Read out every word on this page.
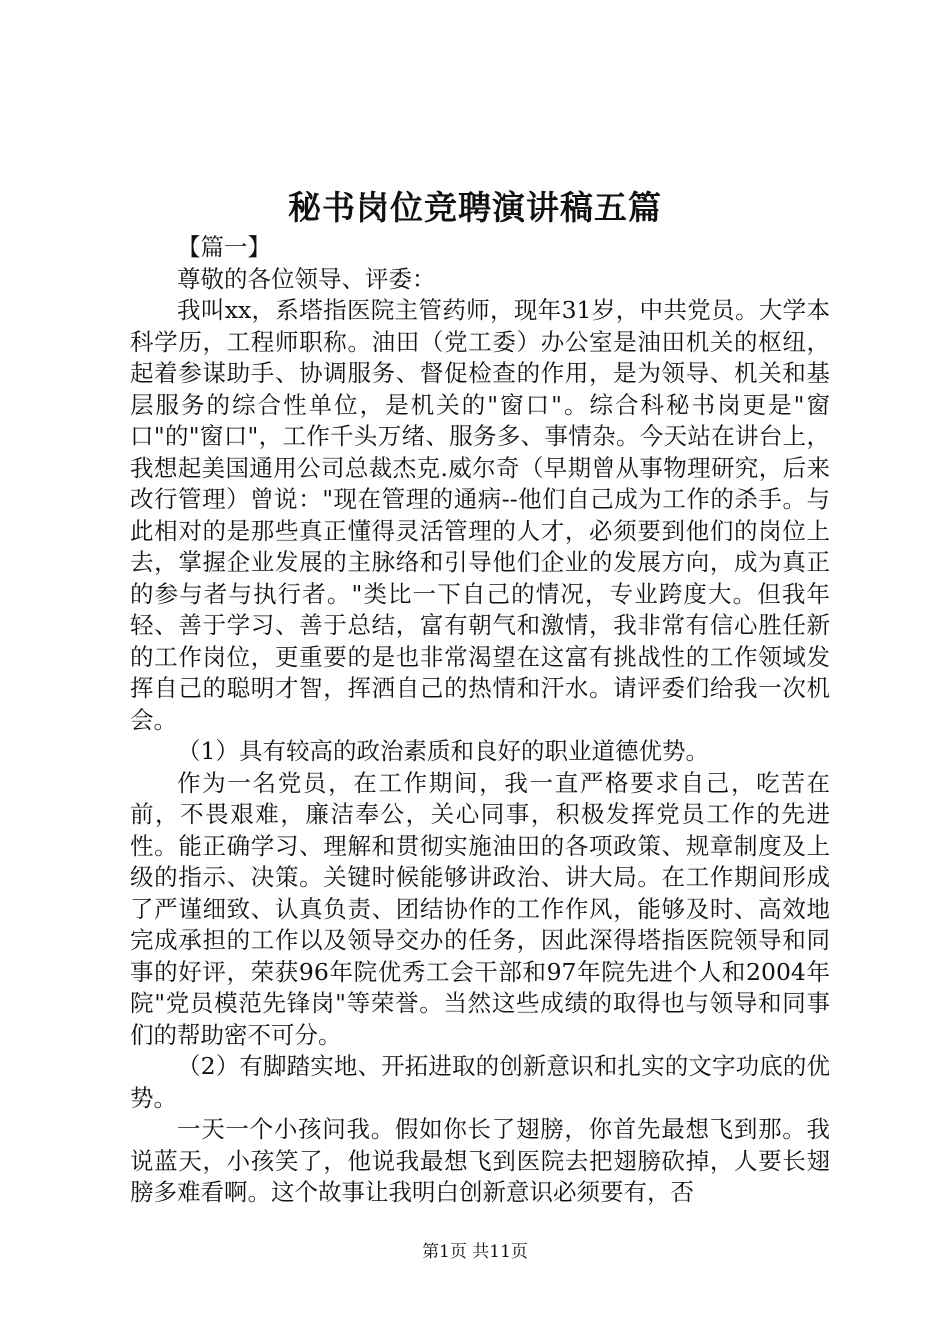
秘书岗位竞聘演讲稿五篇

【篇一】

尊敬的各位领导、评委：

我叫xx，系塔指医院主管药师，现年31岁，中共党员。大学本科学历，工程师职称。油田（党工委）办公室是油田机关的枢纽，起着参谋助手、协调服务、督促检查的作用，是为领导、机关和基层服务的综合性单位，是机关的"窗口"。综合科秘书岗更是"窗口"的"窗口"，工作千头万绪、服务多、事情杂。今天站在讲台上，我想起美国通用公司总裁杰克.威尔奇（早期曾从事物理研究，后来改行管理）曾说："现在管理的通病--他们自己成为工作的杀手。与此相对的是那些真正懂得灵活管理的人才，必须要到他们的岗位上去，掌握企业发展的主脉络和引导他们企业的发展方向，成为真正的参与者与执行者。"类比一下自己的情况，专业跨度大。但我年轻、善于学习、善于总结，富有朝气和激情，我非常有信心胜任新的工作岗位，更重要的是也非常渴望在这富有挑战性的工作领域发挥自己的聪明才智，挥洒自己的热情和汗水。请评委们给我一次机会。

（1）具有较高的政治素质和良好的职业道德优势。

作为一名党员，在工作期间，我一直严格要求自己，吃苦在前，不畏艰难，廉洁奉公，关心同事，积极发挥党员工作的先进性。能正确学习、理解和贯彻实施油田的各项政策、规章制度及上级的指示、决策。关键时候能够讲政治、讲大局。在工作期间形成了严谨细致、认真负责、团结协作的工作作风，能够及时、高效地完成承担的工作以及领导交办的任务，因此深得塔指医院领导和同事的好评，荣获96年院优秀工会干部和97年院先进个人和2004年院"党员模范先锋岗"等荣誉。当然这些成绩的取得也与领导和同事们的帮助密不可分。

（2）有脚踏实地、开拓进取的创新意识和扎实的文字功底的优势。

一天一个小孩问我。假如你长了翅膀，你首先最想飞到那。我说蓝天，小孩笑了，他说我最想飞到医院去把翅膀砍掉，人要长翅膀多难看啊。这个故事让我明白创新意识必须要有，否

第1页 共11页
